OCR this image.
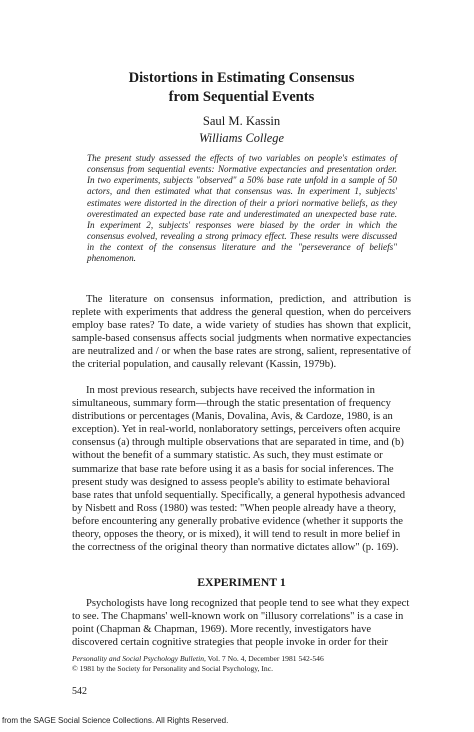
Distortions in Estimating Consensus
from Sequential Events
Saul M. Kassin
Williams College
The present study assessed the effects of two variables on people's estimates of
consensus from sequential events: Normative expectancies and presentation order.
In two experiments, subjects "observed" a 50% base rate unfold in a sample of 50
actors, and then estimated what that consensus was. In experiment 1, subjects'
estimates were distorted in the direction of their a priori normative beliefs, as they
overestimated an expected base rate and underestimated an unexpected base rate.
In experiment 2, subjects' responses were biased by the order in which the
consensus evolved, revealing a strong primacy effect. These results were discussed
in the context of the consensus literature and the "perseverance of beliefs"
phenomenon.
The literature on consensus information, prediction, and attribution is
replete with experiments that address the general question, when do perceivers
employ base rates? To date, a wide variety of studies has shown that explicit,
sample-based consensus affects social judgments when normative expectancies
are neutralized and / or when the base rates are strong, salient, representative of
the criterial population, and causally relevant (Kassin, 1979b).
In most previous research, subjects have received the information in simultaneous, summary form—through the static presentation of frequency distributions or percentages (Manis, Dovalina, Avis, & Cardoze, 1980, is an exception). Yet in real-world, nonlaboratory settings, perceivers often acquire consensus (a) through multiple observations that are separated in time, and (b) without the benefit of a summary statistic. As such, they must estimate or summarize that base rate before using it as a basis for social inferences. The present study was designed to assess people's ability to estimate behavioral base rates that unfold sequentially. Specifically, a general hypothesis advanced by Nisbett and Ross (1980) was tested: "When people already have a theory, before encountering any generally probative evidence (whether it supports the theory, opposes the theory, or is mixed), it will tend to result in more belief in the correctness of the original theory than normative dictates allow" (p. 169).
EXPERIMENT 1
Psychologists have long recognized that people tend to see what they expect to see. The Chapmans' well-known work on "illusory correlations" is a case in point (Chapman & Chapman, 1969). More recently, investigators have discovered certain cognitive strategies that people invoke in order for their
Personality and Social Psychology Bulletin, Vol. 7 No. 4, December 1981 542-546
© 1981 by the Society for Personality and Social Psychology, Inc.
542
from the SAGE Social Science Collections. All Rights Reserved.
